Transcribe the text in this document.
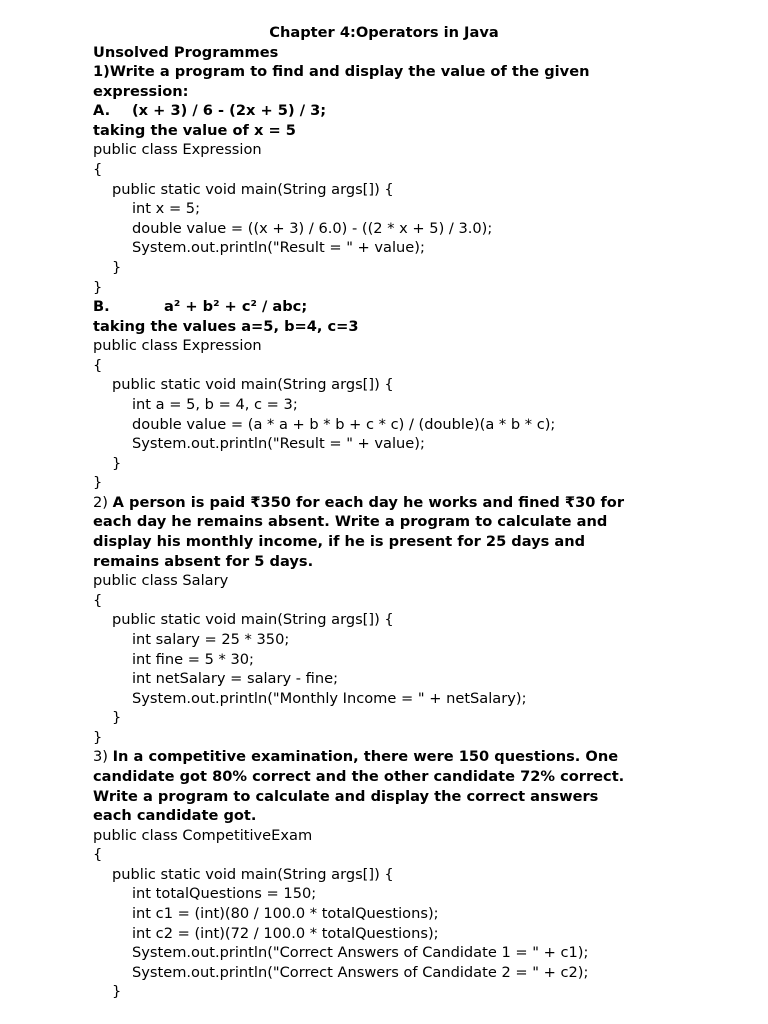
Chapter 4:Operators in Java
Unsolved Programmes
1)Write a program to find and display the value of the given
expression:
A. (x + 3) / 6 - (2x + 5) / 3;
taking the value of x = 5
public class Expression
{
public static void main(String args[]) {
int x = 5;
double value = ((x + 3) / 6.0) - ((2 * x + 5) / 3.0);
System.out.println("Result = " + value);
}
}
B.	a² + b² + c² / abc;
taking the values a=5, b=4, c=3
public class Expression
{
public static void main(String args[]) {
int a = 5, b = 4, c = 3;
double value = (a * a + b * b + c * c) / (double)(a * b * c);
System.out.println("Result = " + value);
}
}
2) A person is paid ₹350 for each day he works and fined ₹30 for
each day he remains absent. Write a program to calculate and
display his monthly income, if he is present for 25 days and
remains absent for 5 days.
public class Salary
{
public static void main(String args[]) {
int salary = 25 * 350;
int fine = 5 * 30;
int netSalary = salary - fine;
System.out.println("Monthly Income = " + netSalary);
}
}
3) In a competitive examination, there were 150 questions. One
candidate got 80% correct and the other candidate 72% correct.
Write a program to calculate and display the correct answers
each candidate got.
public class CompetitiveExam
{
public static void main(String args[]) {
int totalQuestions = 150;
int c1 = (int)(80 / 100.0 * totalQuestions);
int c2 = (int)(72 / 100.0 * totalQuestions);
System.out.println("Correct Answers of Candidate 1 = " + c1);
System.out.println("Correct Answers of Candidate 2 = " + c2);
}
